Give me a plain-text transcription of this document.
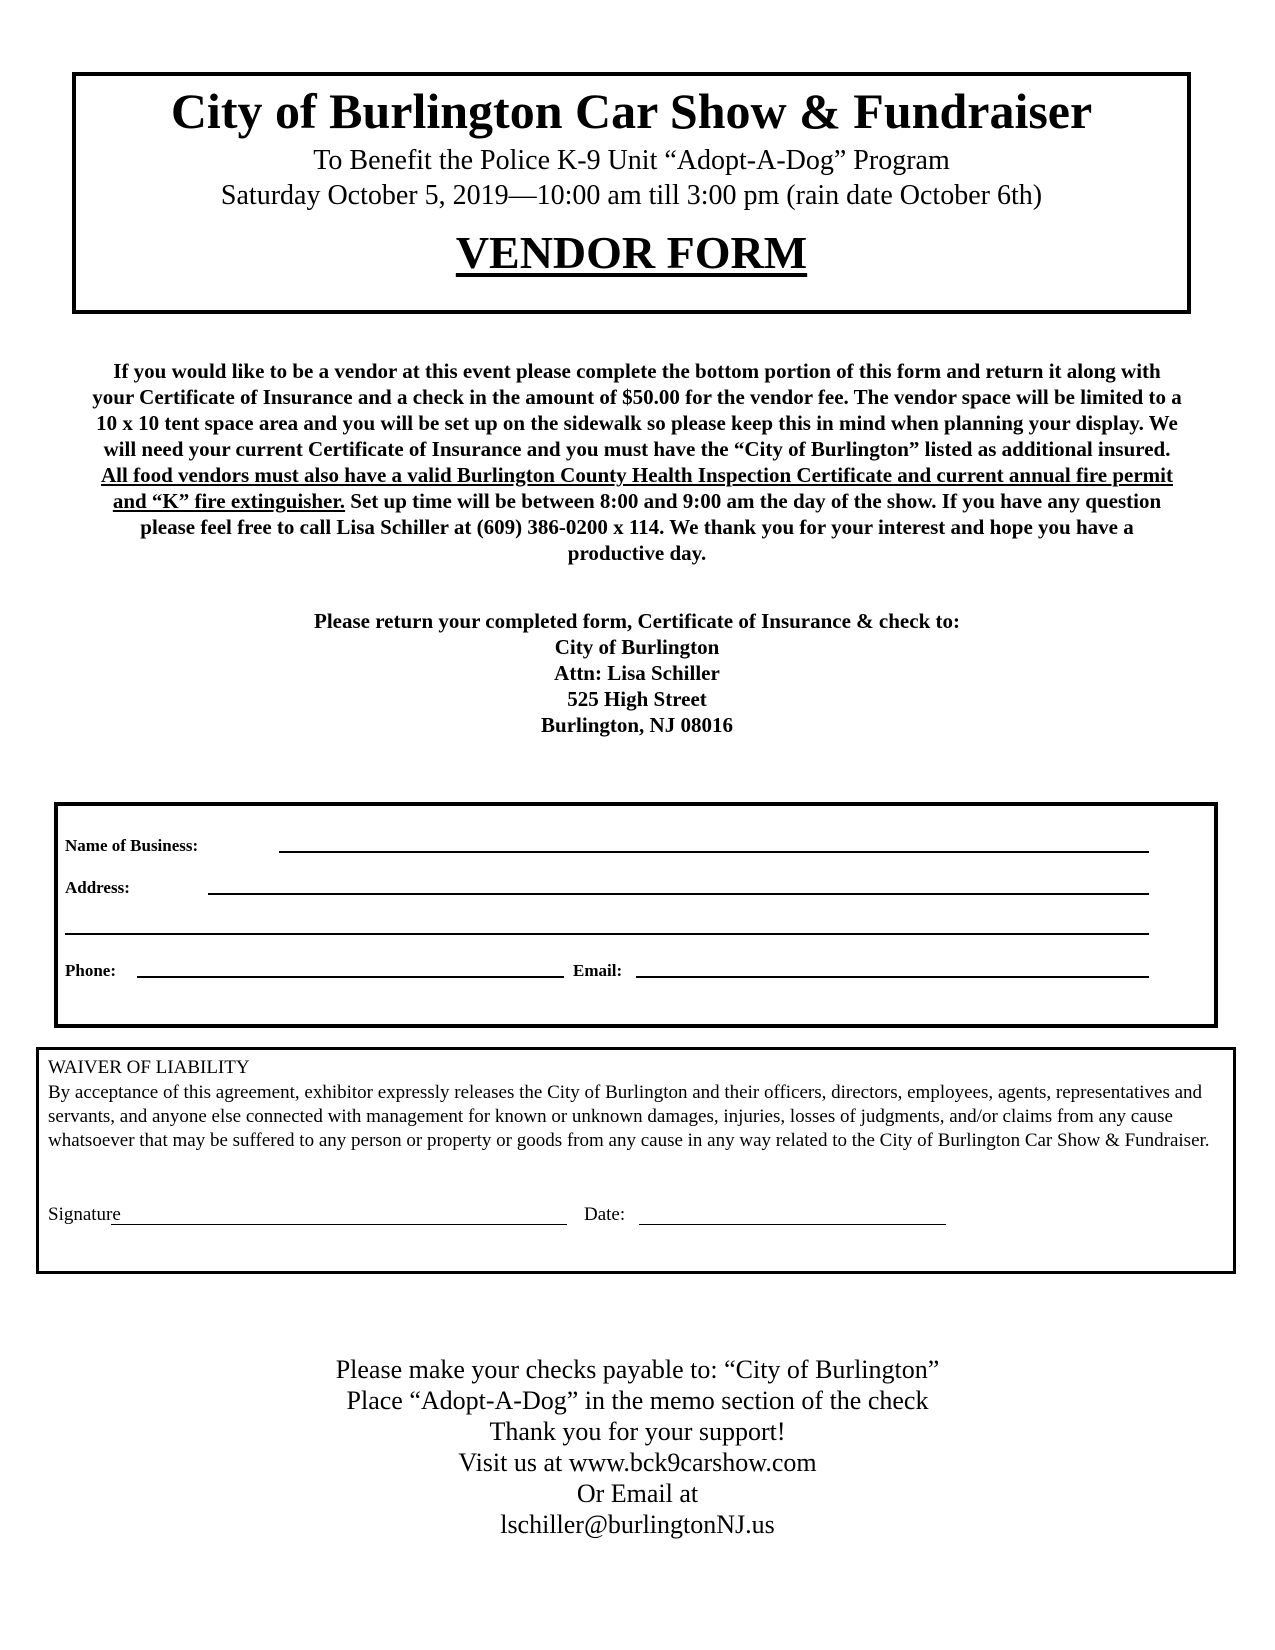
City of Burlington Car Show & Fundraiser
To Benefit the Police K-9 Unit “Adopt-A-Dog” Program
Saturday October 5, 2019—10:00 am till 3:00 pm (rain date October 6th)
VENDOR FORM
If you would like to be a vendor at this event please complete the bottom portion of this form and return it along with your Certificate of Insurance and a check in the amount of $50.00 for the vendor fee. The vendor space will be limited to a 10 x 10 tent space area and you will be set up on the sidewalk so please keep this in mind when planning your display. We will need your current Certificate of Insurance and you must have the “City of Burlington” listed as additional insured. All food vendors must also have a valid Burlington County Health Inspection Certificate and current annual fire permit and “K” fire extinguisher. Set up time will be between 8:00 and 9:00 am the day of the show. If you have any question please feel free to call Lisa Schiller at (609) 386-0200 x 114. We thank you for your interest and hope you have a productive day.
Please return your completed form, Certificate of Insurance & check to:
City of Burlington
Attn: Lisa Schiller
525 High Street
Burlington, NJ 08016
Name of Business:
Address:
Phone:	Email:
WAIVER OF LIABILITY
By acceptance of this agreement, exhibitor expressly releases the City of Burlington and their officers, directors, employees, agents, representatives and servants, and anyone else connected with management for known or unknown damages, injuries, losses of judgments, and/or claims from any cause whatsoever that may be suffered to any person or property or goods from any cause in any way related to the City of Burlington Car Show & Fundraiser.
Signature	Date:
Please make your checks payable to: “City of Burlington”
Place “Adopt-A-Dog” in the memo section of the check
Thank you for your support!
Visit us at www.bck9carshow.com
Or Email at
lschiller@burlingtonNJ.us
